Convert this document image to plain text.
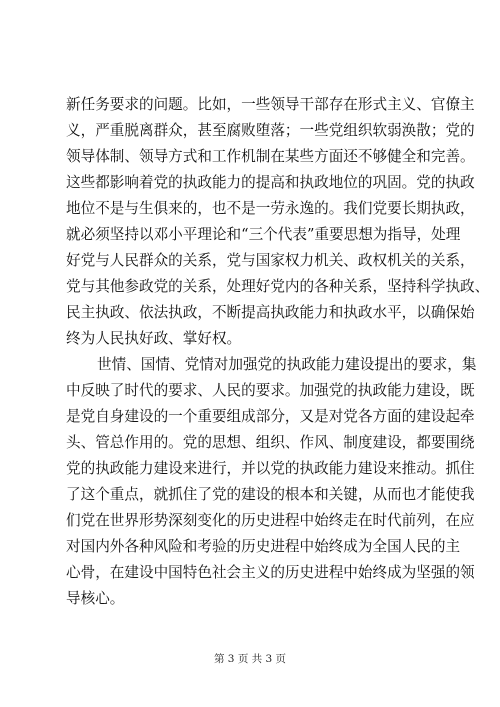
新任务要求的问题。比如，一些领导干部存在形式主义、官僚主
义，严重脱离群众，甚至腐败堕落；一些党组织软弱涣散；党的
领导体制、领导方式和工作机制在某些方面还不够健全和完善。
这些都影响着党的执政能力的提高和执政地位的巩固。党的执政
地位不是与生俱来的，也不是一劳永逸的。我们党要长期执政，
就必须坚持以邓小平理论和“三个代表”重要思想为指导，处理
好党与人民群众的关系，党与国家权力机关、政权机关的关系，
党与其他参政党的关系，处理好党内的各种关系，坚持科学执政、
民主执政、依法执政，不断提高执政能力和执政水平，以确保始
终为人民执好政、掌好权。
世情、国情、党情对加强党的执政能力建设提出的要求，集
中反映了时代的要求、人民的要求。加强党的执政能力建设，既
是党自身建设的一个重要组成部分，又是对党各方面的建设起牵
头、管总作用的。党的思想、组织、作风、制度建设，都要围绕
党的执政能力建设来进行，并以党的执政能力建设来推动。抓住
了这个重点，就抓住了党的建设的根本和关键，从而也才能使我
们党在世界形势深刻变化的历史进程中始终走在时代前列，在应
对国内外各种风险和考验的历史进程中始终成为全国人民的主
心骨，在建设中国特色社会主义的历史进程中始终成为坚强的领
导核心。
第 3 页 共 3 页
